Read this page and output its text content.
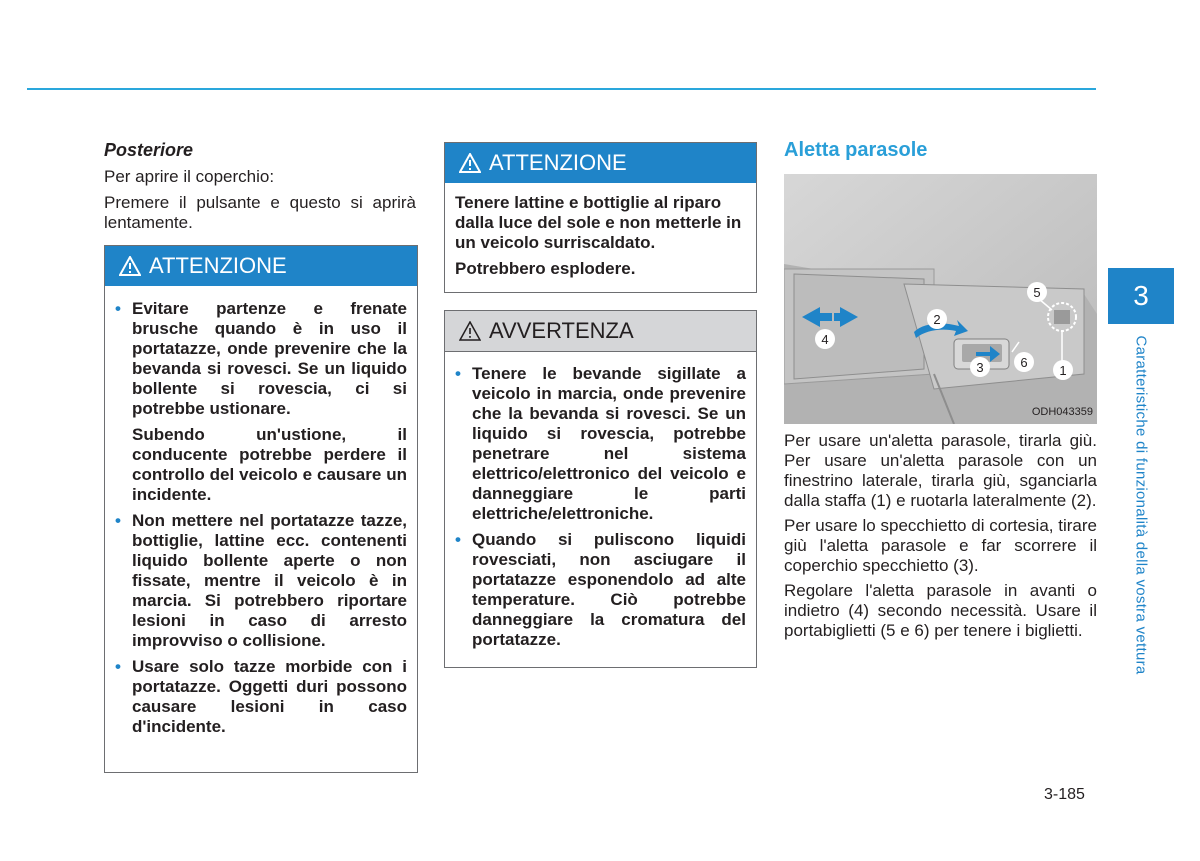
Posteriore

Per aprire il coperchio:

Premere il pulsante e questo si aprirà lentamente.

ATTENZIONE
• Evitare partenze e frenate brusche quando è in uso il portatazze, onde prevenire che la bevanda si rovesci. Se un liquido bollente si rovescia, ci si potrebbe ustionare.
Subendo un'ustione, il conducente potrebbe perdere il controllo del veicolo e causare un incidente.
• Non mettere nel portatazze tazze, bottiglie, lattine ecc. contenenti liquido bollente aperte o non fissate, mentre il veicolo è in marcia. Si potrebbero riportare lesioni in caso di arresto improvviso o collisione.
• Usare solo tazze morbide con i portatazze. Oggetti duri possono causare lesioni in caso d'incidente.
ATTENZIONE

Tenere lattine e bottiglie al riparo dalla luce del sole e non metterle in un veicolo surriscaldato.

Potrebbero esplodere.

AVVERTENZA
• Tenere le bevande sigillate a veicolo in marcia, onde prevenire che la bevanda si rovesci. Se un liquido si rovescia, potrebbe penetrare nel sistema elettrico/elettronico del veicolo e danneggiare le parti elettriche/elettroniche.
• Quando si puliscono liquidi rovesciati, non asciugare il portatazze esponendolo ad alte temperature. Ciò potrebbe danneggiare la cromatura del portatazze.

Aletta parasole

1
2
3
4
5
6
ODH043359

Per usare un'aletta parasole, tirarla giù. Per usare un'aletta parasole con un finestrino laterale, tirarla giù, sganciarla dalla staffa (1) e ruotarla lateralmente (2).

Per usare lo specchietto di cortesia, tirare giù l'aletta parasole e far scorrere il coperchio specchietto (3).

Regolare l'aletta parasole in avanti o indietro (4) secondo necessità. Usare il portabiglietti (5 e 6) per tenere i biglietti.

3
Caratteristiche di funzionalità della vostra vettura
3-185
